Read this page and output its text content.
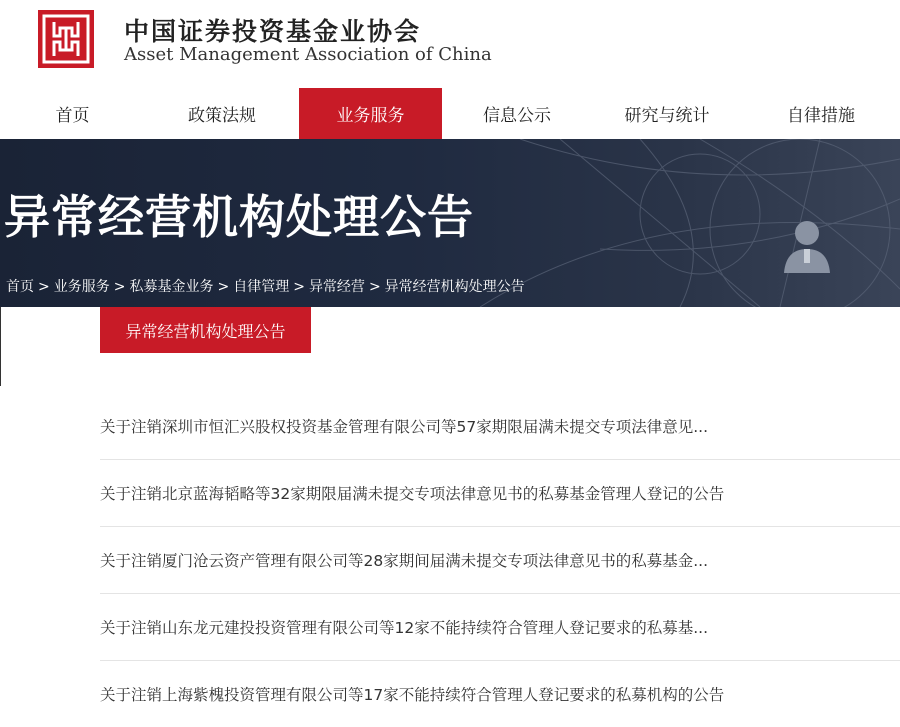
中国证券投资基金业协会
Asset Management Association of China
首页	政策法规	业务服务	信息公示	研究与统计	自律措施
异常经营机构处理公告
首页 > 业务服务 > 私募基金业务 > 自律管理 > 异常经营 > 异常经营机构处理公告
异常经营机构处理公告
关于注销深圳市恒汇兴股权投资基金管理有限公司等57家期限届满未提交专项法律意见...
关于注销北京蓝海韬略等32家期限届满未提交专项法律意见书的私募基金管理人登记的公告
关于注销厦门沧云资产管理有限公司等28家期间届满未提交专项法律意见书的私募基金...
关于注销山东龙元建投投资管理有限公司等12家不能持续符合管理人登记要求的私募基...
关于注销上海紫槐投资管理有限公司等17家不能持续符合管理人登记要求的私募机构的公告
